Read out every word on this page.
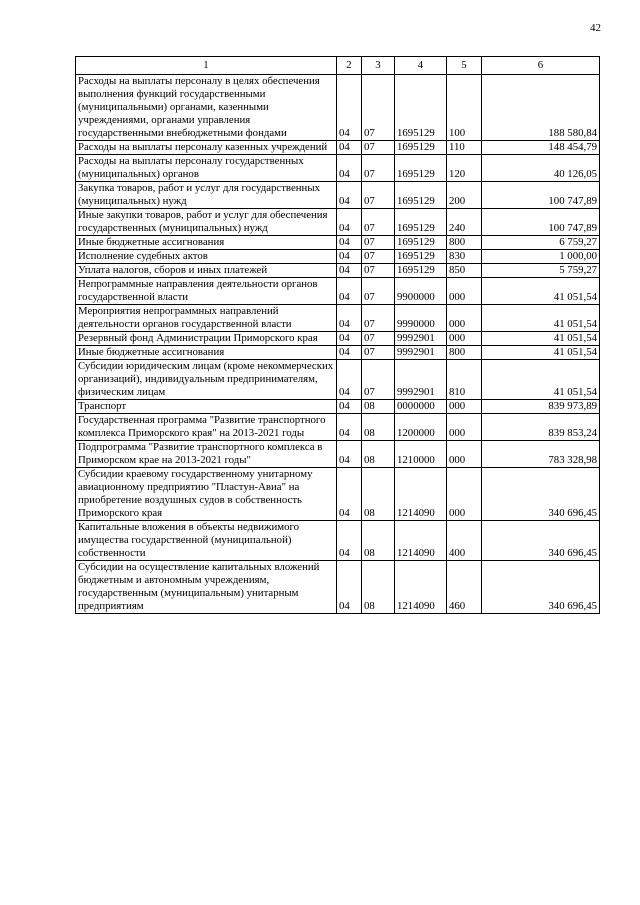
42
1	2	3	4	5	6
Расходы на выплаты персоналу в целях обеспечения выполнения функций государственными (муниципальными) органами, казенными учреждениями, органами управления государственными внебюджетными фондами	04	07	1695129	100	188 580,84
Расходы на выплаты персоналу казенных учреждений	04	07	1695129	110	148 454,79
Расходы на выплаты персоналу государственных (муниципальных) органов	04	07	1695129	120	40 126,05
Закупка товаров, работ и услуг для государственных (муниципальных) нужд	04	07	1695129	200	100 747,89
Иные закупки товаров, работ и услуг для обеспечения государственных (муниципальных) нужд	04	07	1695129	240	100 747,89
Иные бюджетные ассигнования	04	07	1695129	800	6 759,27
Исполнение судебных актов	04	07	1695129	830	1 000,00
Уплата налогов, сборов и иных платежей	04	07	1695129	850	5 759,27
Непрограммные направления деятельности органов государственной власти	04	07	9900000	000	41 051,54
Мероприятия непрограммных направлений деятельности органов государственной власти	04	07	9990000	000	41 051,54
Резервный фонд Администрации Приморского края	04	07	9992901	000	41 051,54
Иные бюджетные ассигнования	04	07	9992901	800	41 051,54
Субсидии юридическим лицам (кроме некоммерческих организаций), индивидуальным предпринимателям, физическим лицам	04	07	9992901	810	41 051,54
Транспорт	04	08	0000000	000	839 973,89
Государственная программа "Развитие транспортного комплекса Приморского края" на 2013-2021 годы	04	08	1200000	000	839 853,24
Подпрограмма "Развитие транспортного комплекса в Приморском крае на 2013-2021 годы"	04	08	1210000	000	783 328,98
Субсидии краевому государственному унитарному авиационному предприятию "Пластун-Авиа" на приобретение воздушных судов в собственность Приморского края	04	08	1214090	000	340 696,45
Капитальные вложения в объекты недвижимого имущества государственной (муниципальной) собственности	04	08	1214090	400	340 696,45
Субсидии на осуществление капитальных вложений бюджетным и автономным учреждениям, государственным (муниципальным) унитарным предприятиям	04	08	1214090	460	340 696,45
